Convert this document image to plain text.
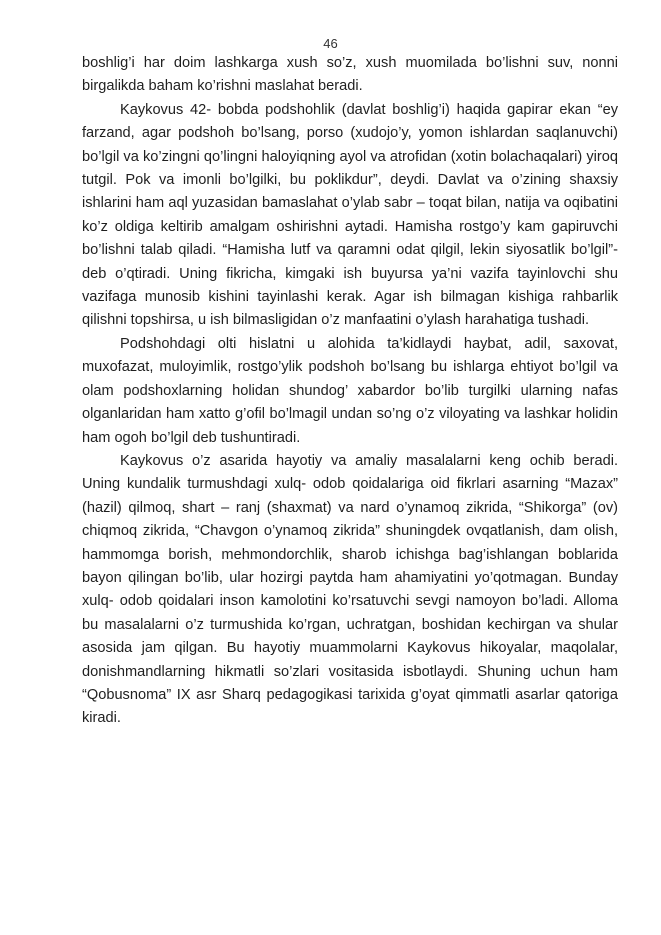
46

boshlig’i har doim lashkarga xush so’z, xush muomilada bo’lishni suv, nonni birgalikda baham ko’rishni maslahat beradi.

Kaykovus 42- bobda podshohlik (davlat boshlig’i) haqida gapirar ekan “ey farzand, agar podshoh bo’lsang, porso (xudojo’y, yomon ishlardan saqlanuvchi) bo’lgil va ko’zingni qo’lingni haloyiqning ayol va atrofidan (xotin bolachaqalari) yiroq tutgil. Pok va imonli bo’lgilki, bu poklikdur”, deydi. Davlat va o’zining shaxsiy ishlarini ham aql yuzasidan bamaslahat o’ylab sabr – toqat bilan, natija va oqibatini ko’z oldiga keltirib amalgam oshirishni aytadi. Hamisha rostgo’y kam gapiruvchi bo’lishni talab qiladi. “Hamisha lutf va qaramni odat qilgil, lekin siyosatlik bo’lgil”- deb o’qtiradi. Uning fikricha, kimgaki ish buyursa ya’ni vazifa tayinlovchi shu vazifaga munosib kishini tayinlashi kerak. Agar ish bilmagan kishiga rahbarlik qilishni topshirsa, u ish bilmasligidan o’z manfaatini o’ylash harahatiga tushadi.

Podshohdagi olti hislatni u alohida ta’kidlaydi haybat, adil, saxovat, muxofazat, muloyimlik, rostgo’ylik podshoh bo’lsang bu ishlarga ehtiyot bo’lgil va olam podshoxlarning holidan shundog’ xabardor bo’lib turgilki ularning nafas olganlaridan ham xatto g’ofil bo’lmagil undan so’ng o’z viloyating va lashkar holidin ham ogoh bo’lgil deb tushuntiradi.

Kaykovus o’z asarida hayotiy va amaliy masalalarni keng ochib beradi. Uning kundalik turmushdagi xulq- odob qoidalariga oid fikrlari asarning “Mazax” (hazil) qilmoq, shart – ranj (shaxmat) va nard o’ynamoq zikrida, “Shikorga” (ov) chiqmoq zikrida, “Chavgon o’ynamoq zikrida” shuningdek ovqatlanish, dam olish, hammomga borish, mehmondorchlik, sharob ichishga bag’ishlangan boblarida bayon qilingan bo’lib, ular hozirgi paytda ham ahamiyatini yo’qotmagan. Bunday xulq- odob qoidalari inson kamolotini ko’rsatuvchi sevgi namoyon bo’ladi. Alloma bu masalalarni o’z turmushida ko’rgan, uchratgan, boshidan kechirgan va shular asosida jam qilgan. Bu hayotiy muammolarni Kaykovus hikoyalar, maqolalar, donishmandlarning hikmatli so’zlari vositasida isbotlaydi. Shuning uchun ham “Qobusnoma” IX asr Sharq pedagogikasi tarixida g’oyat qimmatli asarlar qatoriga kiradi.
